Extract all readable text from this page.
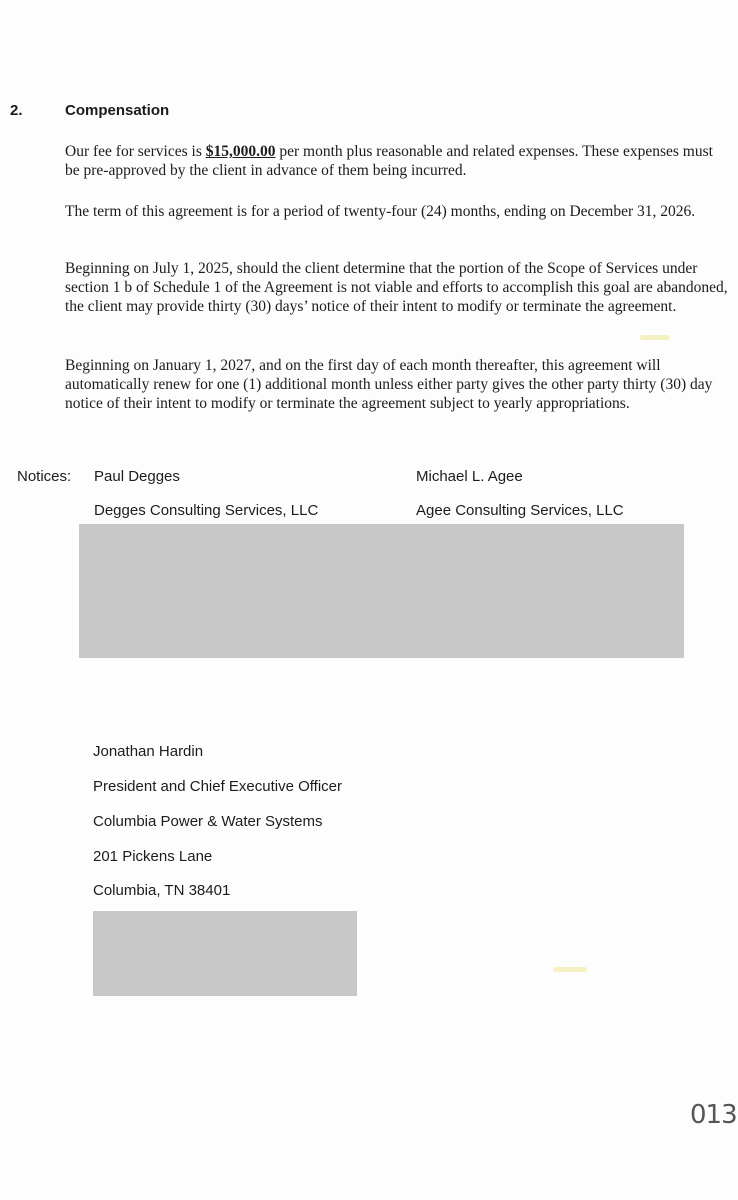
2.	Compensation

Our fee for services is $15,000.00 per month plus reasonable and related expenses. These expenses must be pre-approved by the client in advance of them being incurred.

The term of this agreement is for a period of twenty-four (24) months, ending on December 31, 2026.

Beginning on July 1, 2025, should the client determine that the portion of the Scope of Services under section 1 b of Schedule 1 of the Agreement is not viable and efforts to accomplish this goal are abandoned, the client may provide thirty (30) days’ notice of their intent to modify or terminate the agreement.

Beginning on January 1, 2027, and on the first day of each month thereafter, this agreement will automatically renew for one (1) additional month unless either party gives the other party thirty (30) day notice of their intent to modify or terminate the agreement subject to yearly appropriations.

Notices: Paul Degges
Degges Consulting Services, LLC
Michael L. Agee
Agee Consulting Services, LLC
Jonathan Hardin
President and Chief Executive Officer
Columbia Power & Water Systems
201 Pickens Lane
Columbia, TN 38401
013
